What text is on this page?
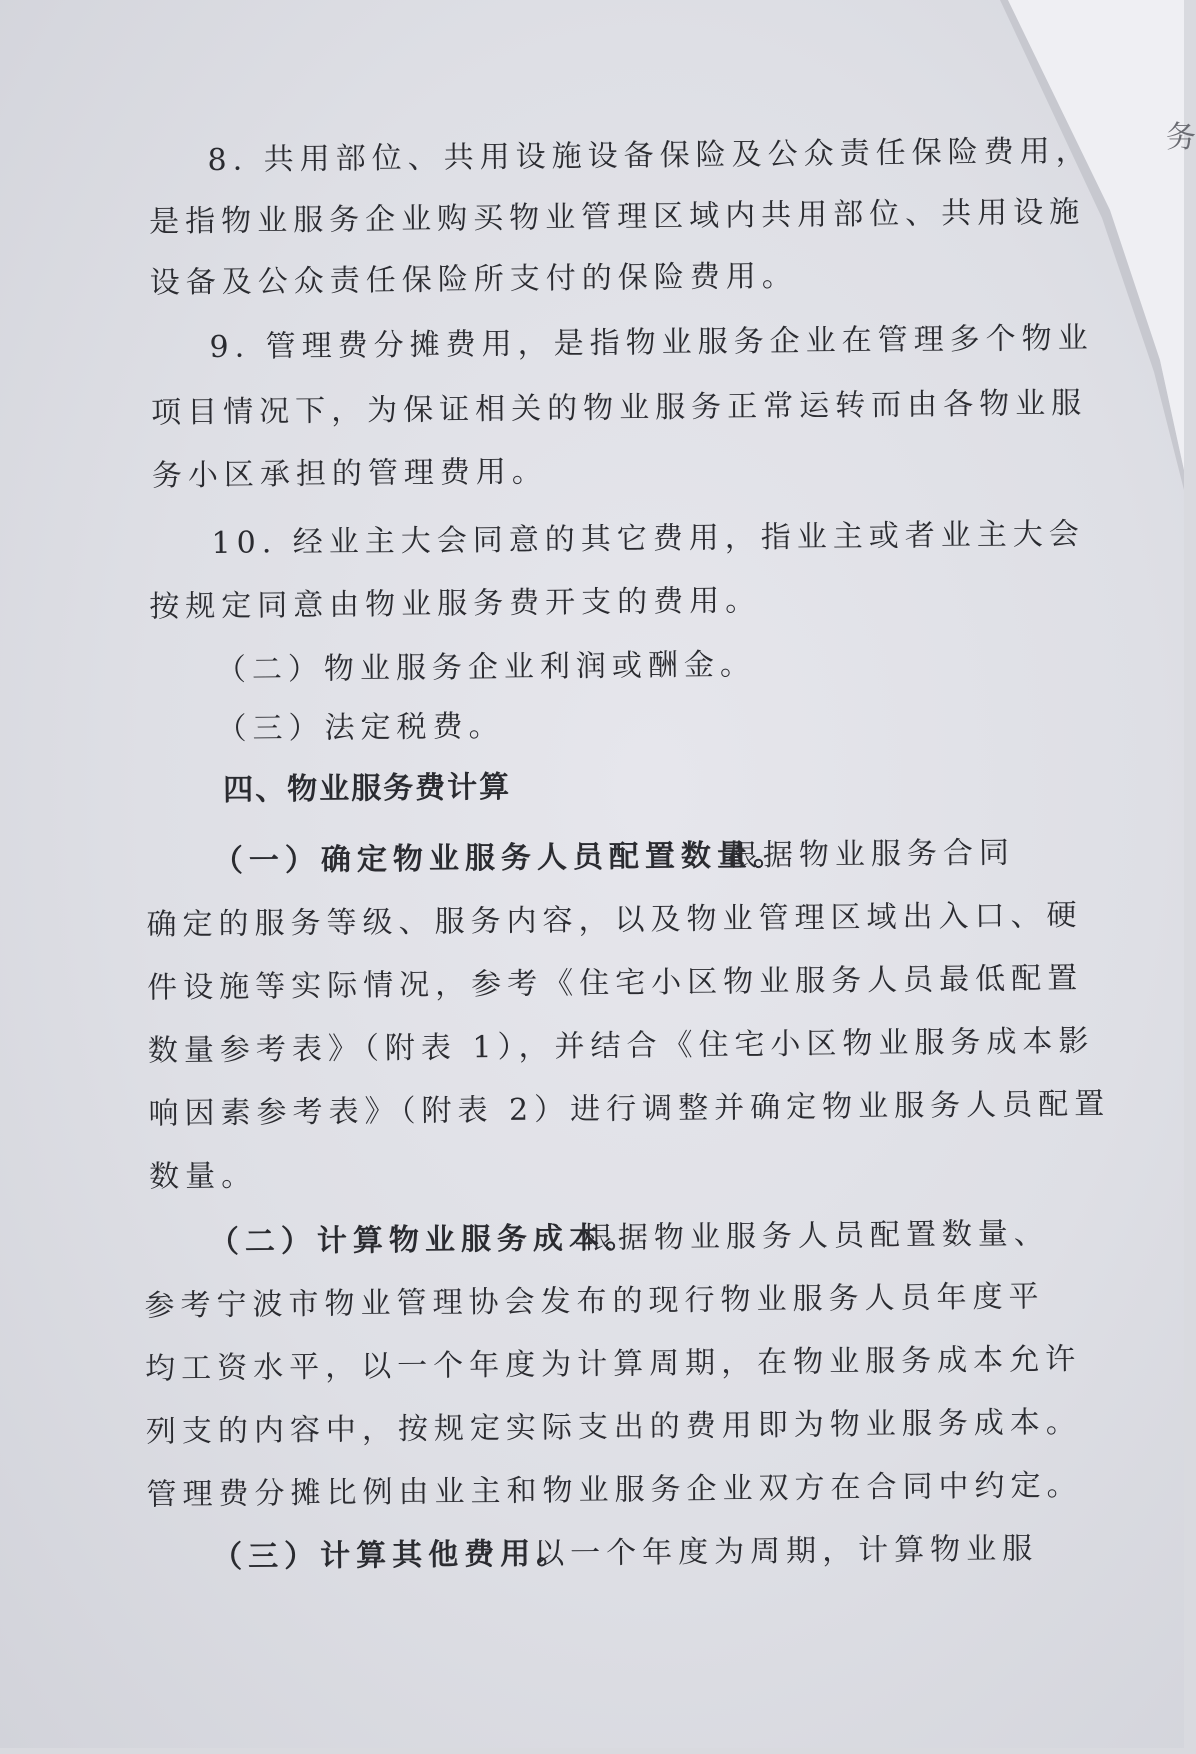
务
8. 共用部位、共用设施设备保险及公众责任保险费用，
是指物业服务企业购买物业管理区域内共用部位、共用设施
设备及公众责任保险所支付的保险费用。
9. 管理费分摊费用，是指物业服务企业在管理多个物业
项目情况下，为保证相关的物业服务正常运转而由各物业服
务小区承担的管理费用。
10. 经业主大会同意的其它费用，指业主或者业主大会
按规定同意由物业服务费开支的费用。
（二）物业服务企业利润或酬金。
（三）法定税费。
四、物业服务费计算
（一）确定物业服务人员配置数量。
根据物业服务合同
确定的服务等级、服务内容，以及物业管理区域出入口、硬
件设施等实际情况，参考《住宅小区物业服务人员最低配置
数量参考表》（附表 1），并结合《住宅小区物业服务成本影
响因素参考表》（附表 2）进行调整并确定物业服务人员配置
数量。
（二）计算物业服务成本。
根据物业服务人员配置数量、
参考宁波市物业管理协会发布的现行物业服务人员年度平
均工资水平，以一个年度为计算周期，在物业服务成本允许
列支的内容中，按规定实际支出的费用即为物业服务成本。
管理费分摊比例由业主和物业服务企业双方在合同中约定。
（三）计算其他费用。
以一个年度为周期，计算物业服
